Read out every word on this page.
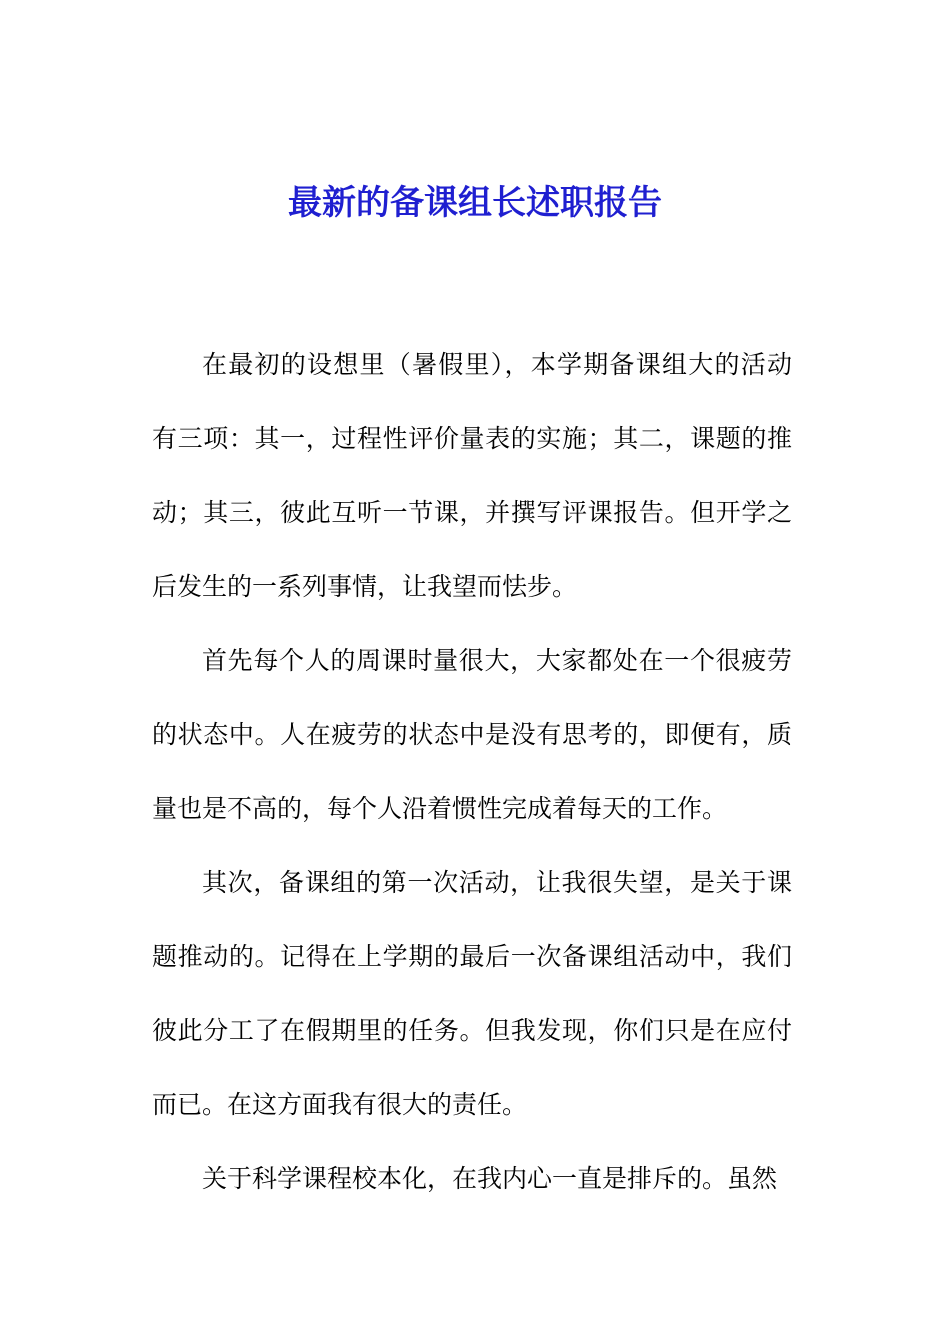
最新的备课组长述职报告

在最初的设想里（暑假里），本学期备课组大的活动
有三项：其一，过程性评价量表的实施；其二，课题的推
动；其三，彼此互听一节课，并撰写评课报告。但开学之
后发生的一系列事情，让我望而怯步。

首先每个人的周课时量很大，大家都处在一个很疲劳
的状态中。人在疲劳的状态中是没有思考的，即便有，质
量也是不高的，每个人沿着惯性完成着每天的工作。

其次，备课组的第一次活动，让我很失望，是关于课
题推动的。记得在上学期的最后一次备课组活动中，我们
彼此分工了在假期里的任务。但我发现，你们只是在应付
而已。在这方面我有很大的责任。

关于科学课程校本化，在我内心一直是排斥的。虽然
